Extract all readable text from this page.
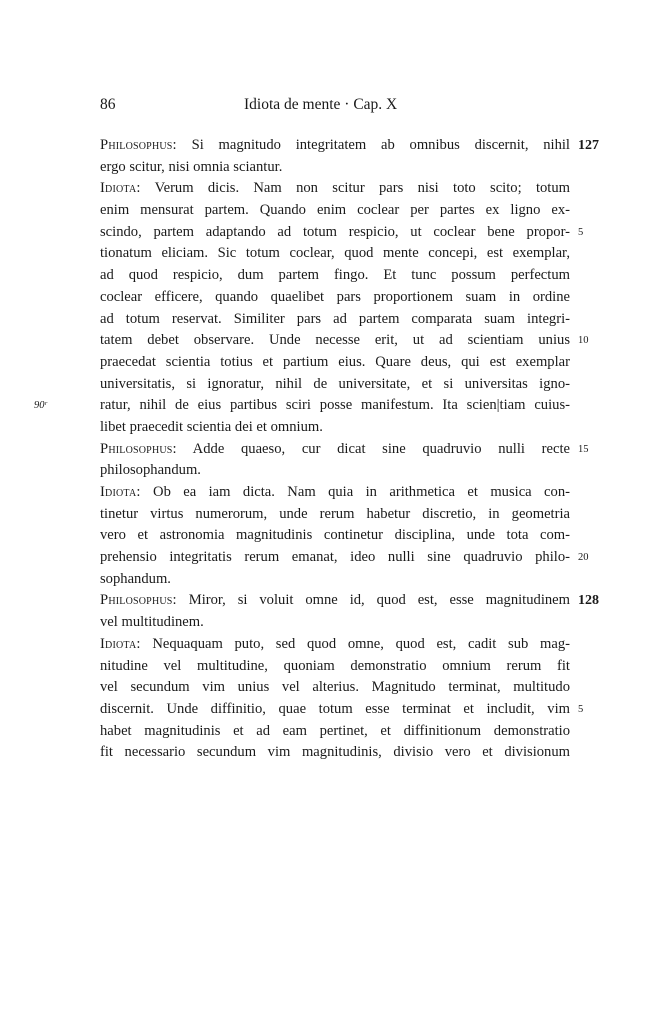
86	Idiota de mente · Cap. X
Philosophus: Si magnitudo integritatem ab omnibus discernit, nihil 127
ergo scitur, nisi omnia sciantur.
Idiota: Verum dicis. Nam non scitur pars nisi toto scito; totum
enim mensurat partem. Quando enim coclear per partes ex ligno ex-
scindo, partem adaptando ad totum respicio, ut coclear bene propor- 5
tionatum eliciam. Sic totum coclear, quod mente concepi, est exemplar,
ad quod respicio, dum partem fingo. Et tunc possum perfectum
coclear efficere, quando quaelibet pars proportionem suam in ordine
ad totum reservat. Similiter pars ad partem comparata suam integri-
tatem debet observare. Unde necesse erit, ut ad scientiam unius 10
praecedat scientia totius et partium eius. Quare deus, qui est exemplar
universitatis, si ignoratur, nihil de universitate, et si universitas igno-
ratur, nihil de eius partibus sciri posse manifestum. Ita scien|tiam cuius-
90ʳ
libet praecedit scientia dei et omnium.
Philosophus: Adde quaeso, cur dicat sine quadruvio nulli recte 15
philosophandum.
Idiota: Ob ea iam dicta. Nam quia in arithmetica et musica con-
tinetur virtus numerorum, unde rerum habetur discretio, in geometria
vero et astronomia magnitudinis continetur disciplina, unde tota com-
prehensio integritatis rerum emanat, ideo nulli sine quadruvio philo- 20
sophandum.
Philosophus: Miror, si voluit omne id, quod est, esse magnitudinem 128
vel multitudinem.
Idiota: Nequaquam puto, sed quod omne, quod est, cadit sub mag-
nitudine vel multitudine, quoniam demonstratio omnium rerum fit
vel secundum vim unius vel alterius. Magnitudo terminat, multitudo
discernit. Unde diffinitio, quae totum esse terminat et includit, vim 5
habet magnitudinis et ad eam pertinet, et diffinitionum demonstratio
fit necessario secundum vim magnitudinis, divisio vero et divisionum
